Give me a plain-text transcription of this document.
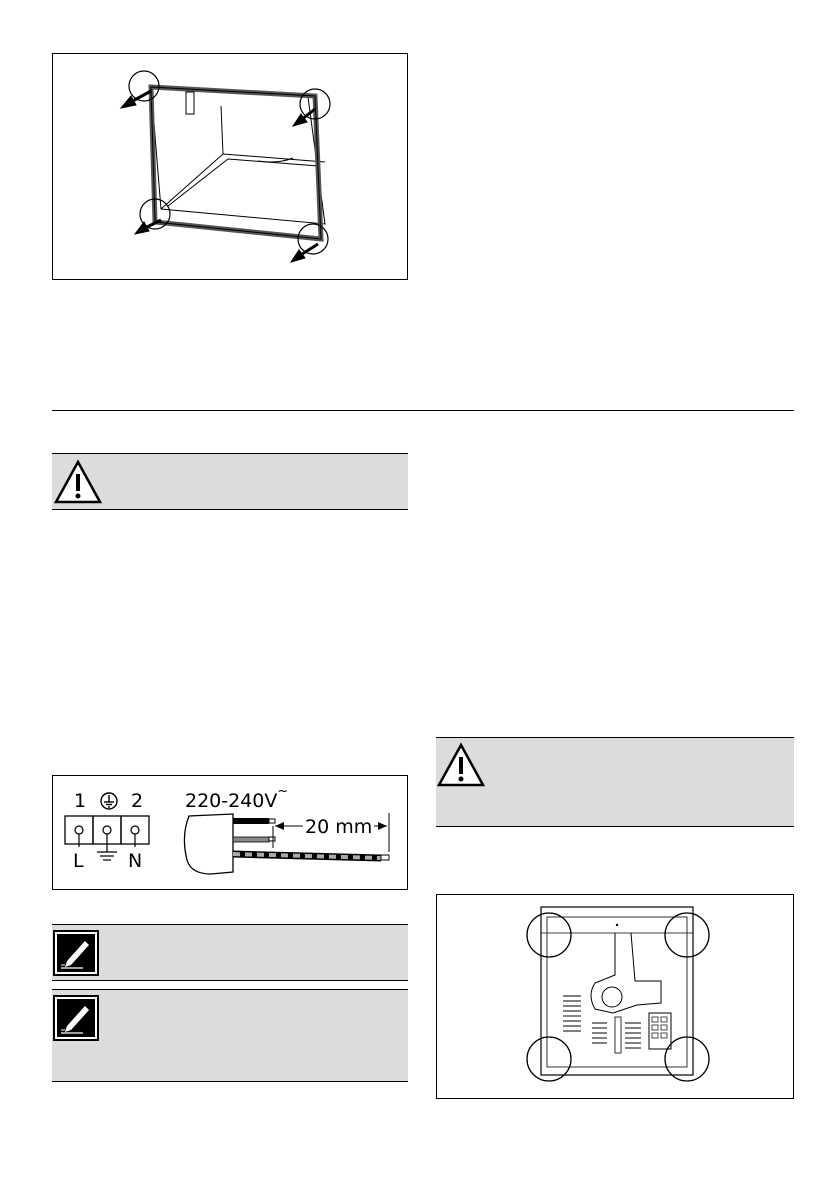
1 2
L N
220-240V~
20 mm
